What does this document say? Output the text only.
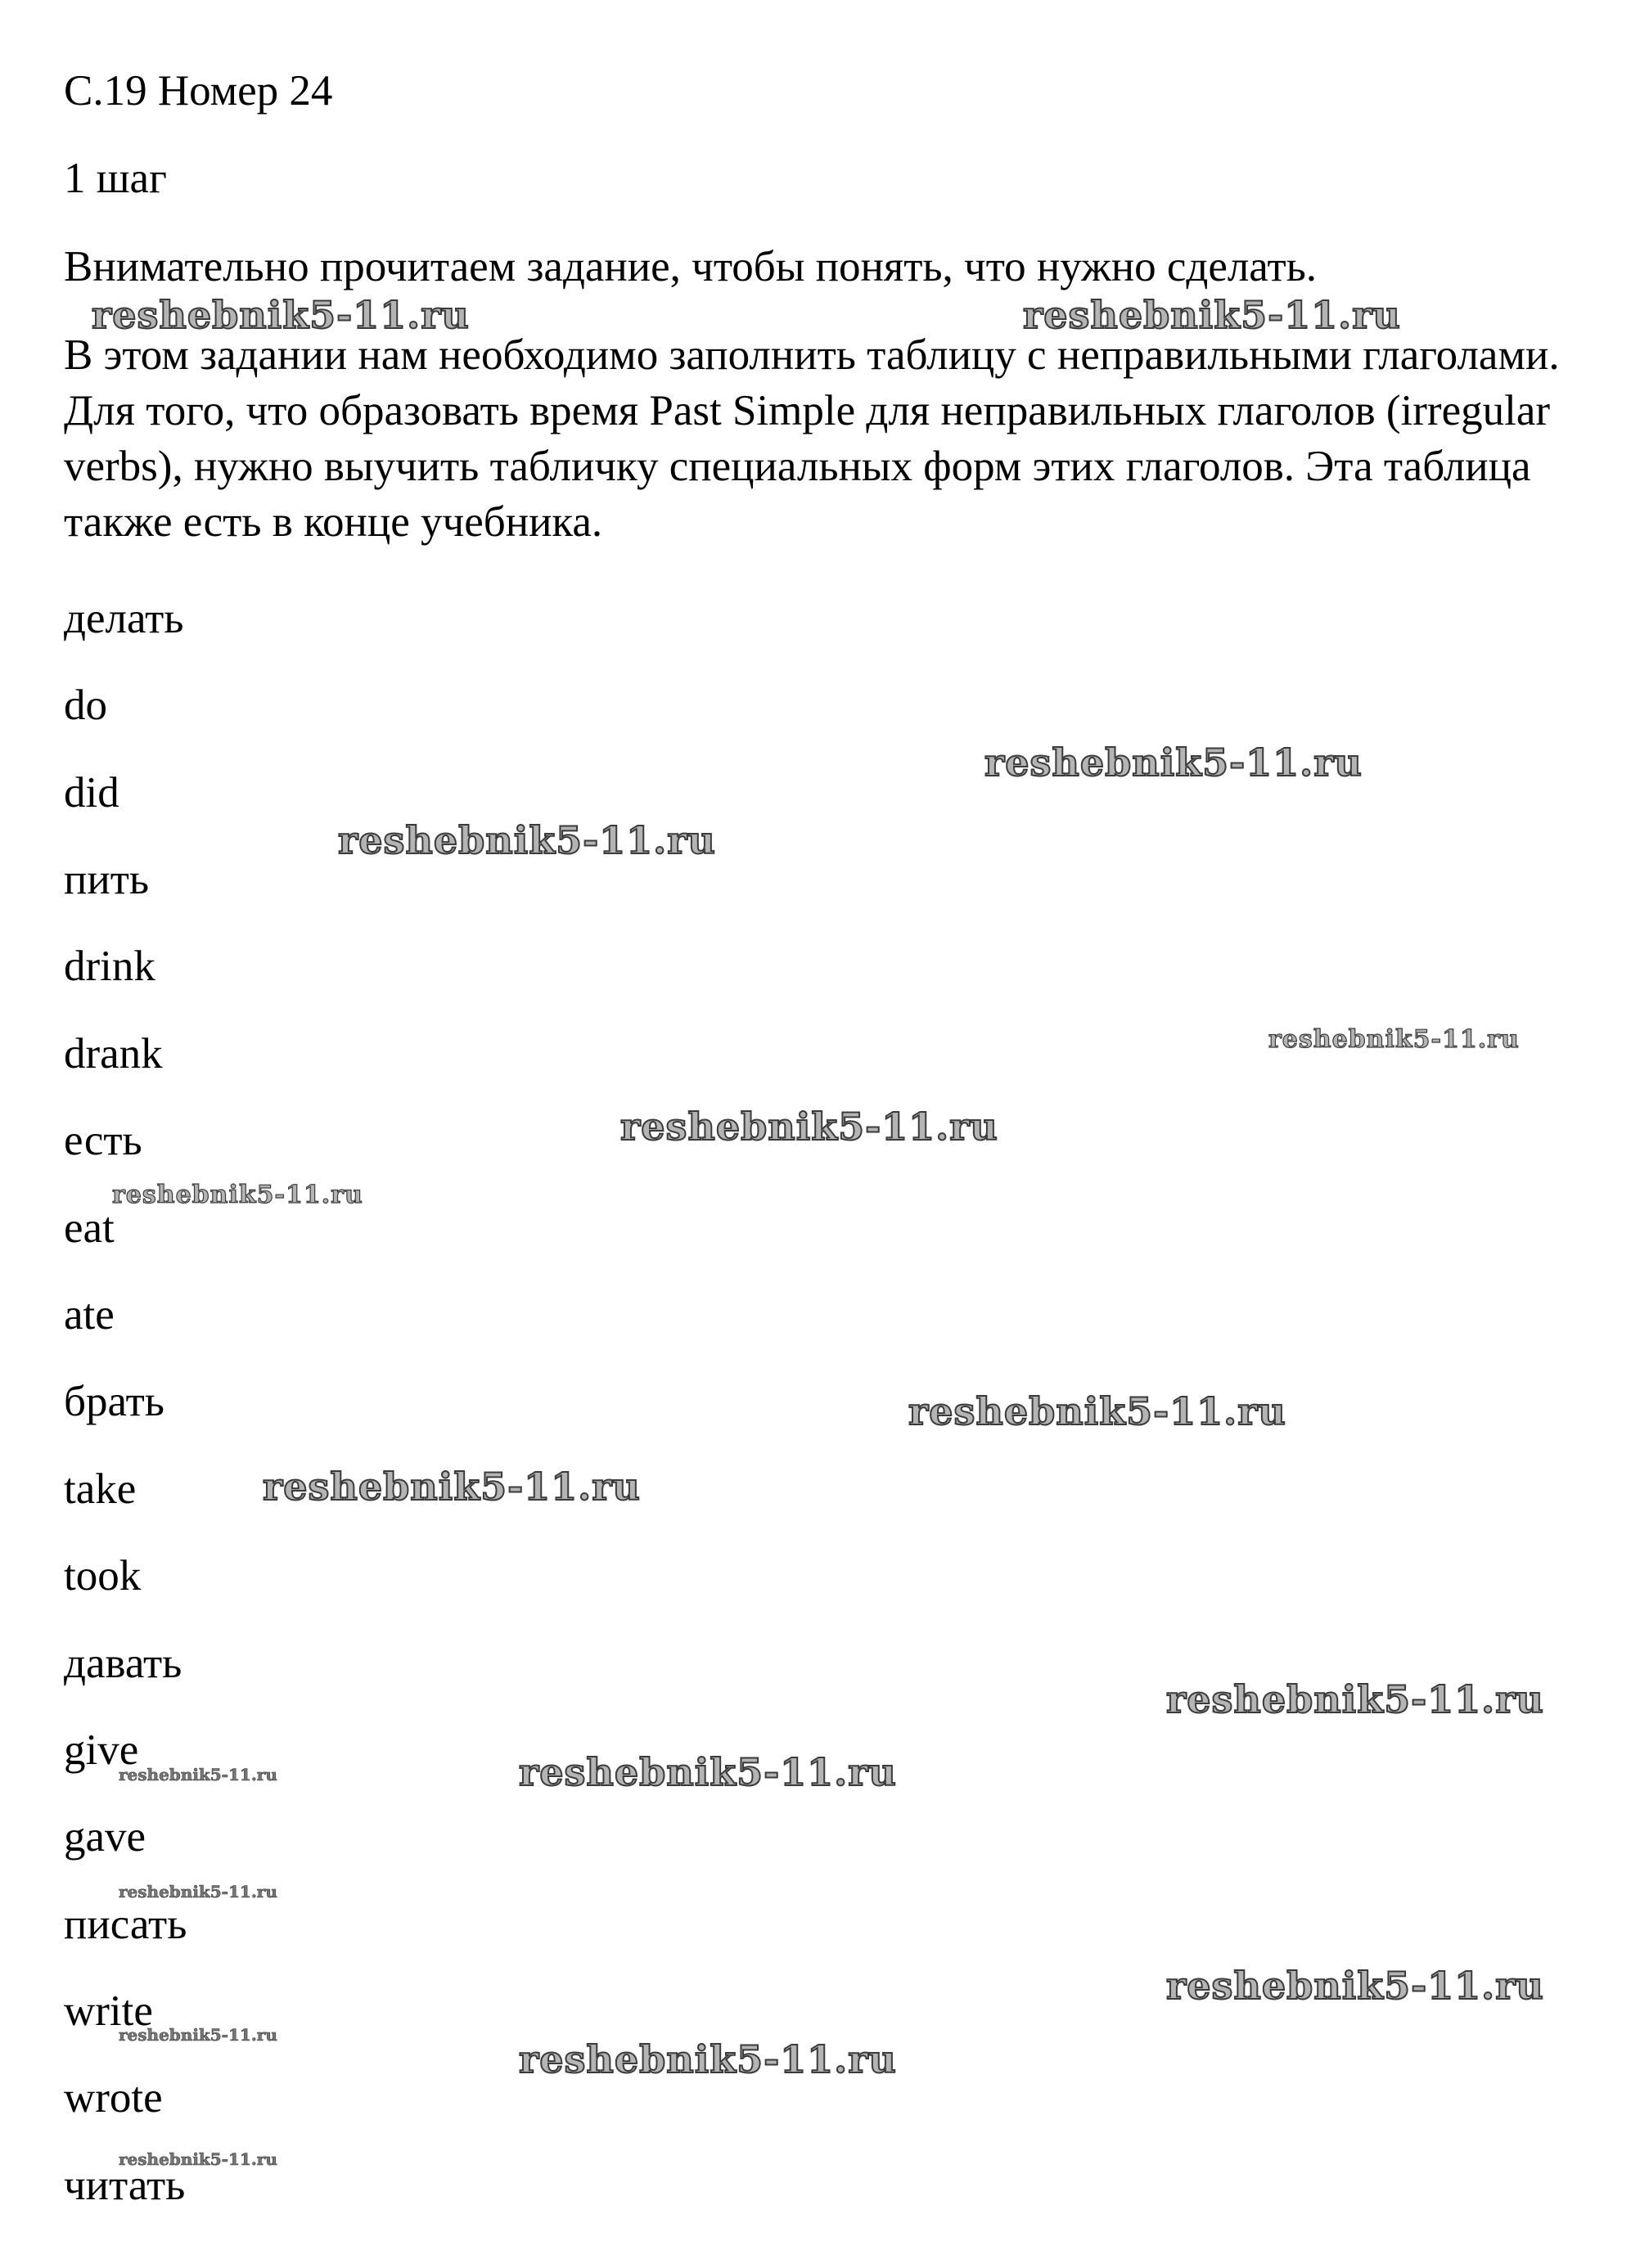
С.19 Номер 24

1 шаг

Внимательно прочитаем задание, чтобы понять, что нужно сделать.

В этом задании нам необходимо заполнить таблицу с неправильными глаголами. Для того, что образовать время Past Simple для неправильных глаголов (irregular verbs), нужно выучить табличку специальных форм этих глаголов. Эта таблица также есть в конце учебника.

делать

do

did

пить

drink

drank

есть

eat

ate

брать

take

took

давать

give

gave

писать

write

wrote

читать

reshebnik5-11.ru	reshebnik5-11.ru
reshebnik5-11.ru
reshebnik5-11.ru
reshebnik5-11.ru
reshebnik5-11.ru
reshebnik5-11.ru
reshebnik5-11.ru
reshebnik5-11.ru
reshebnik5-11.ru
reshebnik5-11.ru	reshebnik5-11.ru
reshebnik5-11.ru
reshebnik5-11.ru
reshebnik5-11.ru
reshebnik5-11.ru
reshebnik5-11.ru
